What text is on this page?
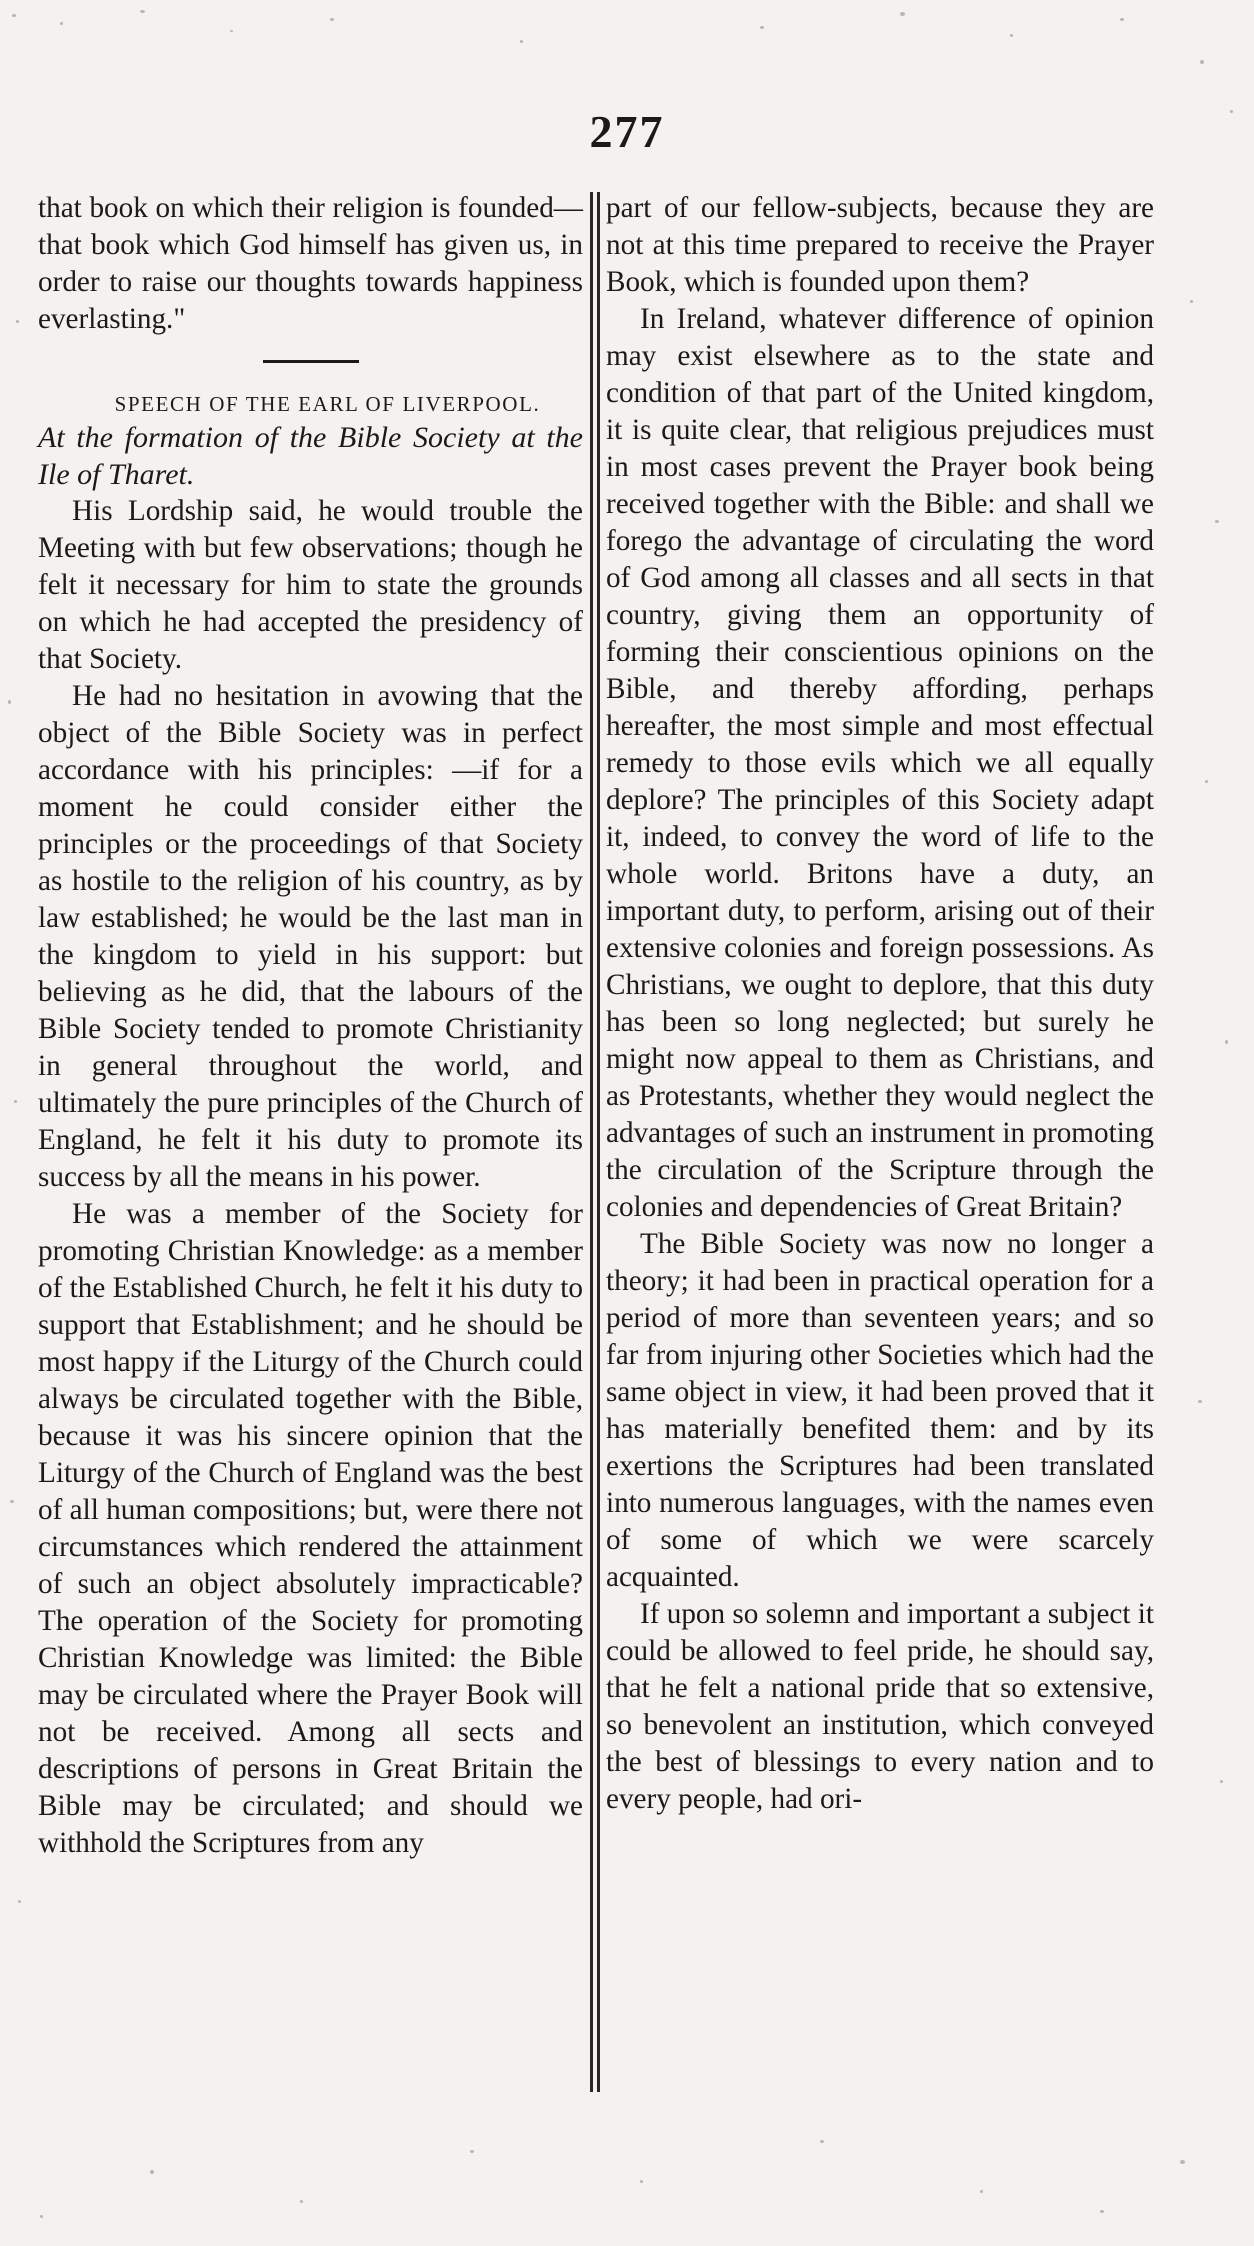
277

that book on which their religion is founded—that book which God himself has given us, in order to raise our thoughts towards happiness everlasting."

SPEECH OF THE EARL OF LIVERPOOL.

At the formation of the Bible Society at the Ile of Tharet.

His Lordship said, he would trouble the Meeting with but few observations; though he felt it necessary for him to state the grounds on which he had accepted the presidency of that Society.

He had no hesitation in avowing that the object of the Bible Society was in perfect accordance with his principles: —if for a moment he could consider either the principles or the proceedings of that Society as hostile to the religion of his country, as by law established; he would be the last man in the kingdom to yield in his support: but believing as he did, that the labours of the Bible Society tended to promote Christianity in general throughout the world, and ultimately the pure principles of the Church of England, he felt it his duty to promote its success by all the means in his power.

He was a member of the Society for promoting Christian Knowledge: as a member of the Established Church, he felt it his duty to support that Establishment; and he should be most happy if the Liturgy of the Church could always be circulated together with the Bible, because it was his sincere opinion that the Liturgy of the Church of England was the best of all human compositions; but, were there not circumstances which rendered the attainment of such an object absolutely impracticable? The operation of the Society for promoting Christian Knowledge was limited: the Bible may be circulated where the Prayer Book will not be received. Among all sects and descriptions of persons in Great Britain the Bible may be circulated; and should we withhold the Scriptures from any

part of our fellow-subjects, because they are not at this time prepared to receive the Prayer Book, which is founded upon them?

In Ireland, whatever difference of opinion may exist elsewhere as to the state and condition of that part of the United kingdom, it is quite clear, that religious prejudices must in most cases prevent the Prayer book being received together with the Bible: and shall we forego the advantage of circulating the word of God among all classes and all sects in that country, giving them an opportunity of forming their conscientious opinions on the Bible, and thereby affording, perhaps hereafter, the most simple and most effectual remedy to those evils which we all equally deplore? The principles of this Society adapt it, indeed, to convey the word of life to the whole world. Britons have a duty, an important duty, to perform, arising out of their extensive colonies and foreign possessions. As Christians, we ought to deplore, that this duty has been so long neglected; but surely he might now appeal to them as Christians, and as Protestants, whether they would neglect the advantages of such an instrument in promoting the circulation of the Scripture through the colonies and dependencies of Great Britain?

The Bible Society was now no longer a theory; it had been in practical operation for a period of more than seventeen years; and so far from injuring other Societies which had the same object in view, it had been proved that it has materially benefited them: and by its exertions the Scriptures had been translated into numerous languages, with the names even of some of which we were scarcely acquainted.

If upon so solemn and important a subject it could be allowed to feel pride, he should say, that he felt a national pride that so extensive, so benevolent an institution, which conveyed the best of blessings to every nation and to every people, had ori-
